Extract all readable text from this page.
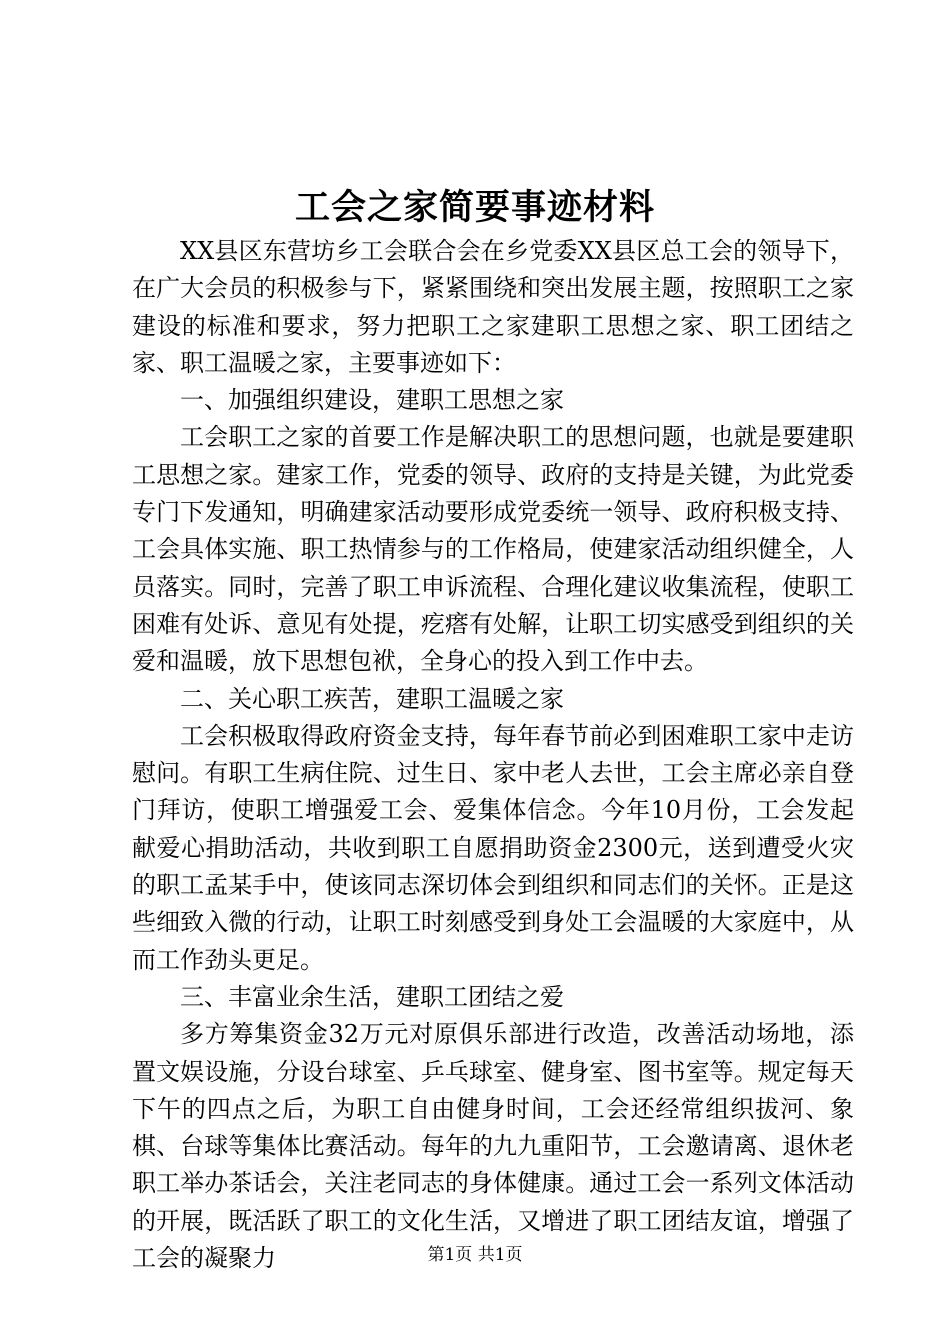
工会之家简要事迹材料

XX县区东营坊乡工会联合会在乡党委XX县区总工会的领导下，在广大会员的积极参与下，紧紧围绕和突出发展主题，按照职工之家建设的标准和要求，努力把职工之家建职工思想之家、职工团结之家、职工温暖之家，主要事迹如下：

一、加强组织建设，建职工思想之家

工会职工之家的首要工作是解决职工的思想问题，也就是要建职工思想之家。建家工作，党委的领导、政府的支持是关键，为此党委专门下发通知，明确建家活动要形成党委统一领导、政府积极支持、工会具体实施、职工热情参与的工作格局，使建家活动组织健全，人员落实。同时，完善了职工申诉流程、合理化建议收集流程，使职工困难有处诉、意见有处提，疙瘩有处解，让职工切实感受到组织的关爱和温暖，放下思想包袱，全身心的投入到工作中去。

二、关心职工疾苦，建职工温暖之家

工会积极取得政府资金支持，每年春节前必到困难职工家中走访慰问。有职工生病住院、过生日、家中老人去世，工会主席必亲自登门拜访，使职工增强爱工会、爱集体信念。今年10月份，工会发起献爱心捐助活动，共收到职工自愿捐助资金2300元，送到遭受火灾的职工孟某手中，使该同志深切体会到组织和同志们的关怀。正是这些细致入微的行动，让职工时刻感受到身处工会温暖的大家庭中，从而工作劲头更足。

三、丰富业余生活，建职工团结之爱

多方筹集资金32万元对原俱乐部进行改造，改善活动场地，添置文娱设施，分设台球室、乒乓球室、健身室、图书室等。规定每天下午的四点之后，为职工自由健身时间，工会还经常组织拔河、象棋、台球等集体比赛活动。每年的九九重阳节，工会邀请离、退休老职工举办茶话会，关注老同志的身体健康。通过工会一系列文体活动的开展，既活跃了职工的文化生活，又增进了职工团结友谊，增强了工会的凝聚力	第1页 共1页
